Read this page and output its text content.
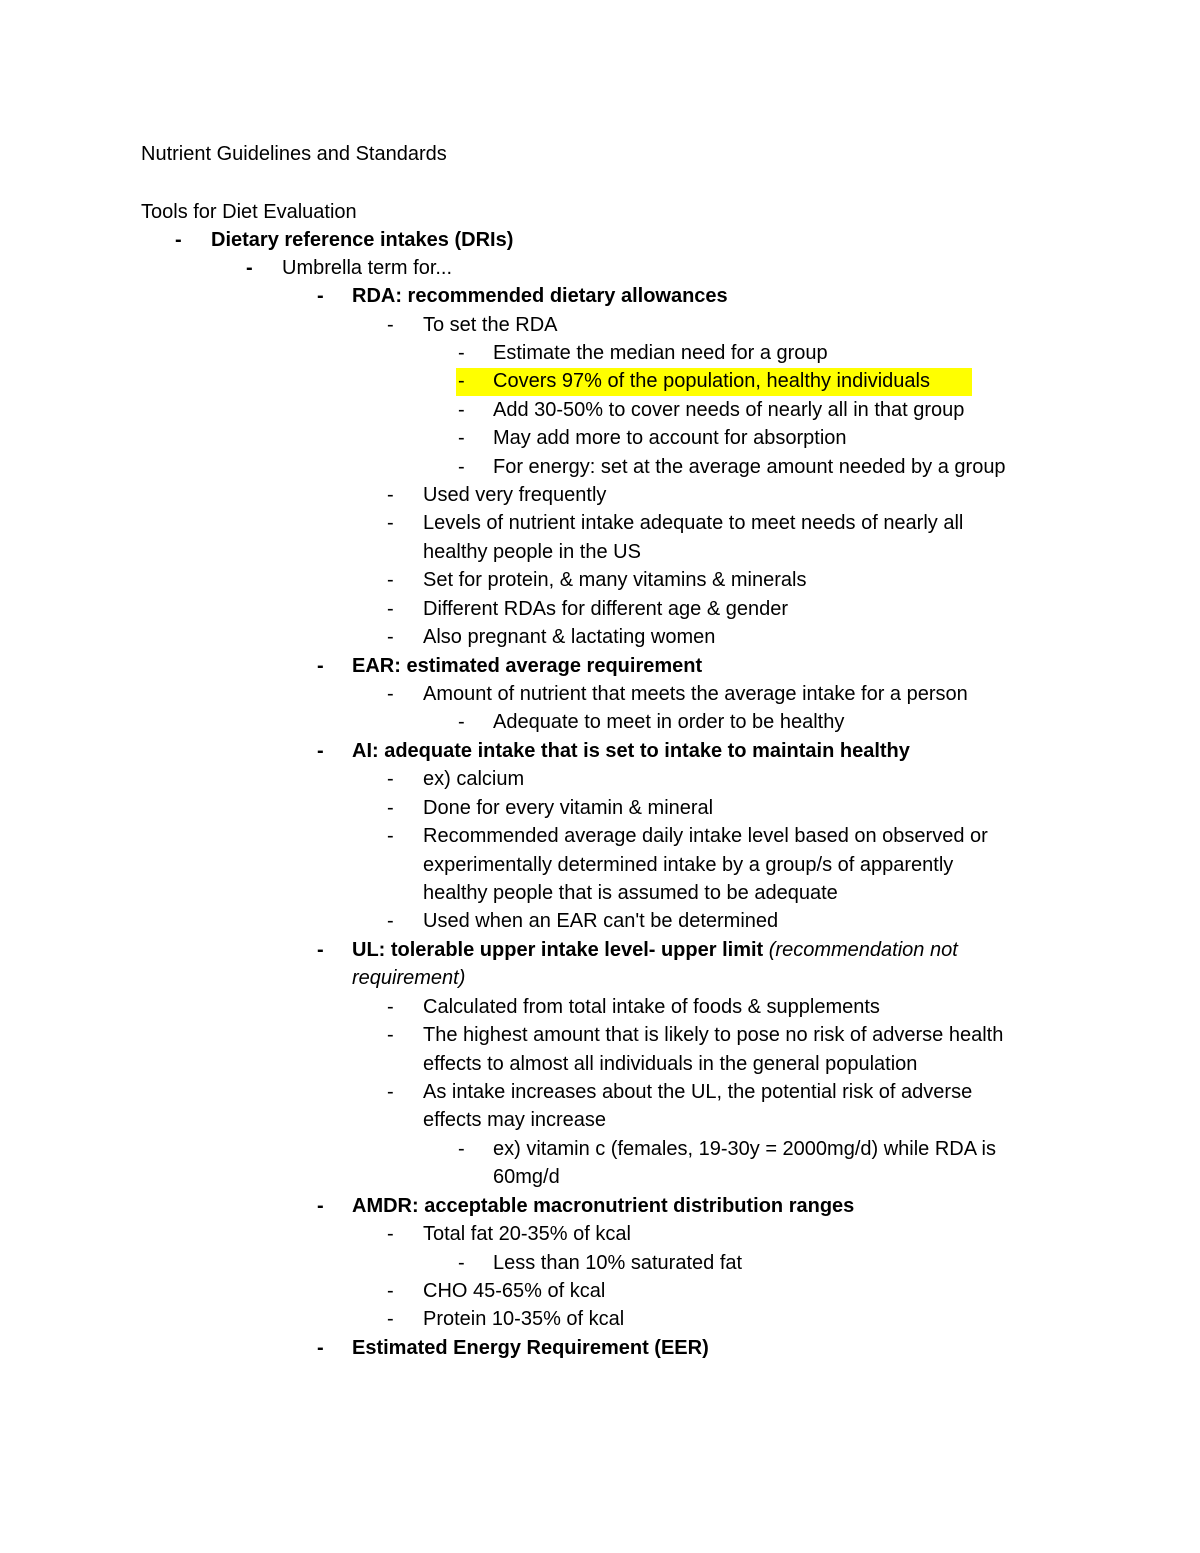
Nutrient Guidelines and Standards
Tools for Diet Evaluation
-	Dietary reference intakes (DRIs)
-	Umbrella term for...
-	RDA: recommended dietary allowances
-	To set the RDA
-	Estimate the median need for a group
-	Covers 97% of the population, healthy individuals
-	Add 30-50% to cover needs of nearly all in that group
-	May add more to account for absorption
-	For energy: set at the average amount needed by a group
-	Used very frequently
-	Levels of nutrient intake adequate to meet needs of nearly all
healthy people in the US
-	Set for protein, & many vitamins & minerals
-	Different RDAs for different age & gender
-	Also pregnant & lactating women
-	EAR: estimated average requirement
-	Amount of nutrient that meets the average intake for a person
-	Adequate to meet in order to be healthy
-	AI: adequate intake that is set to intake to maintain healthy
-	ex) calcium
-	Done for every vitamin & mineral
-	Recommended average daily intake level based on observed or
experimentally determined intake by a group/s of apparently
healthy people that is assumed to be adequate
-	Used when an EAR can't be determined
-	UL: tolerable upper intake level- upper limit (recommendation not
requirement)
-	Calculated from total intake of foods & supplements
-	The highest amount that is likely to pose no risk of adverse health
effects to almost all individuals in the general population
-	As intake increases about the UL, the potential risk of adverse
effects may increase
-	ex) vitamin c (females, 19-30y = 2000mg/d) while RDA is
60mg/d
-	AMDR: acceptable macronutrient distribution ranges
-	Total fat 20-35% of kcal
-	Less than 10% saturated fat
-	CHO 45-65% of kcal
-	Protein 10-35% of kcal
-	Estimated Energy Requirement (EER)
